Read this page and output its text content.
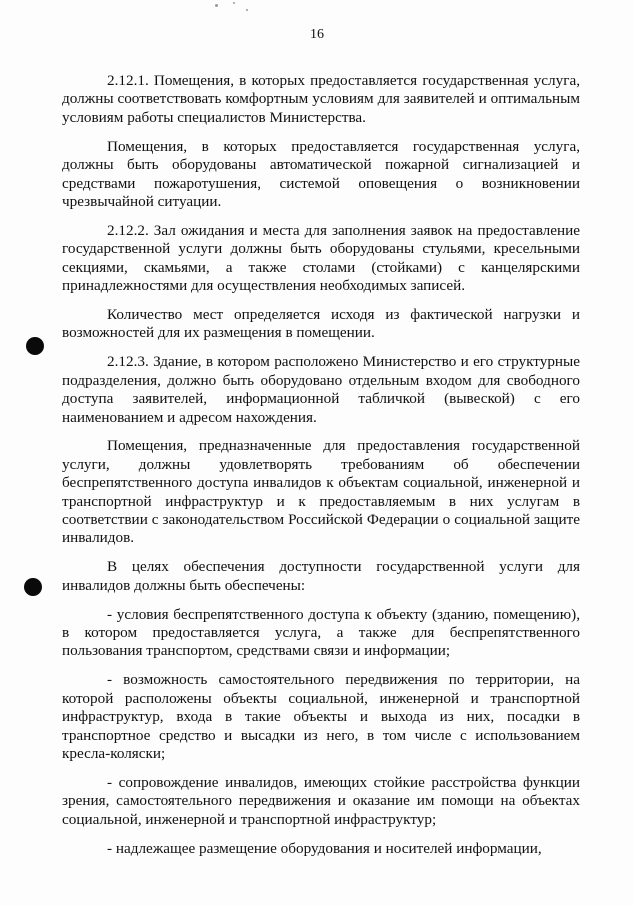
16

2.12.1. Помещения, в которых предоставляется государственная услуга, должны соответствовать комфортным условиям для заявителей и оптимальным условиям работы специалистов Министерства.

Помещения, в которых предоставляется государственная услуга, должны быть оборудованы автоматической пожарной сигнализацией и средствами пожаротушения, системой оповещения о возникновении чрезвычайной ситуации.

2.12.2. Зал ожидания и места для заполнения заявок на предоставление государственной услуги должны быть оборудованы стульями, кресельными секциями, скамьями, а также столами (стойками) с канцелярскими принадлежностями для осуществления необходимых записей.

Количество мест определяется исходя из фактической нагрузки и возможностей для их размещения в помещении.

2.12.3. Здание, в котором расположено Министерство и его структурные подразделения, должно быть оборудовано отдельным входом для свободного доступа заявителей, информационной табличкой (вывеской) с его наименованием и адресом нахождения.

Помещения, предназначенные для предоставления государственной услуги, должны удовлетворять требованиям об обеспечении беспрепятственного доступа инвалидов к объектам социальной, инженерной и транспортной инфраструктур и к предоставляемым в них услугам в соответствии с законодательством Российской Федерации о социальной защите инвалидов.

В целях обеспечения доступности государственной услуги для инвалидов должны быть обеспечены:

- условия беспрепятственного доступа к объекту (зданию, помещению), в котором предоставляется услуга, а также для беспрепятственного пользования транспортом, средствами связи и информации;

- возможность самостоятельного передвижения по территории, на которой расположены объекты социальной, инженерной и транспортной инфраструктур, входа в такие объекты и выхода из них, посадки в транспортное средство и высадки из него, в том числе с использованием кресла-коляски;

- сопровождение инвалидов, имеющих стойкие расстройства функции зрения, самостоятельного передвижения и оказание им помощи на объектах социальной, инженерной и транспортной инфраструктур;

- надлежащее размещение оборудования и носителей информации,
